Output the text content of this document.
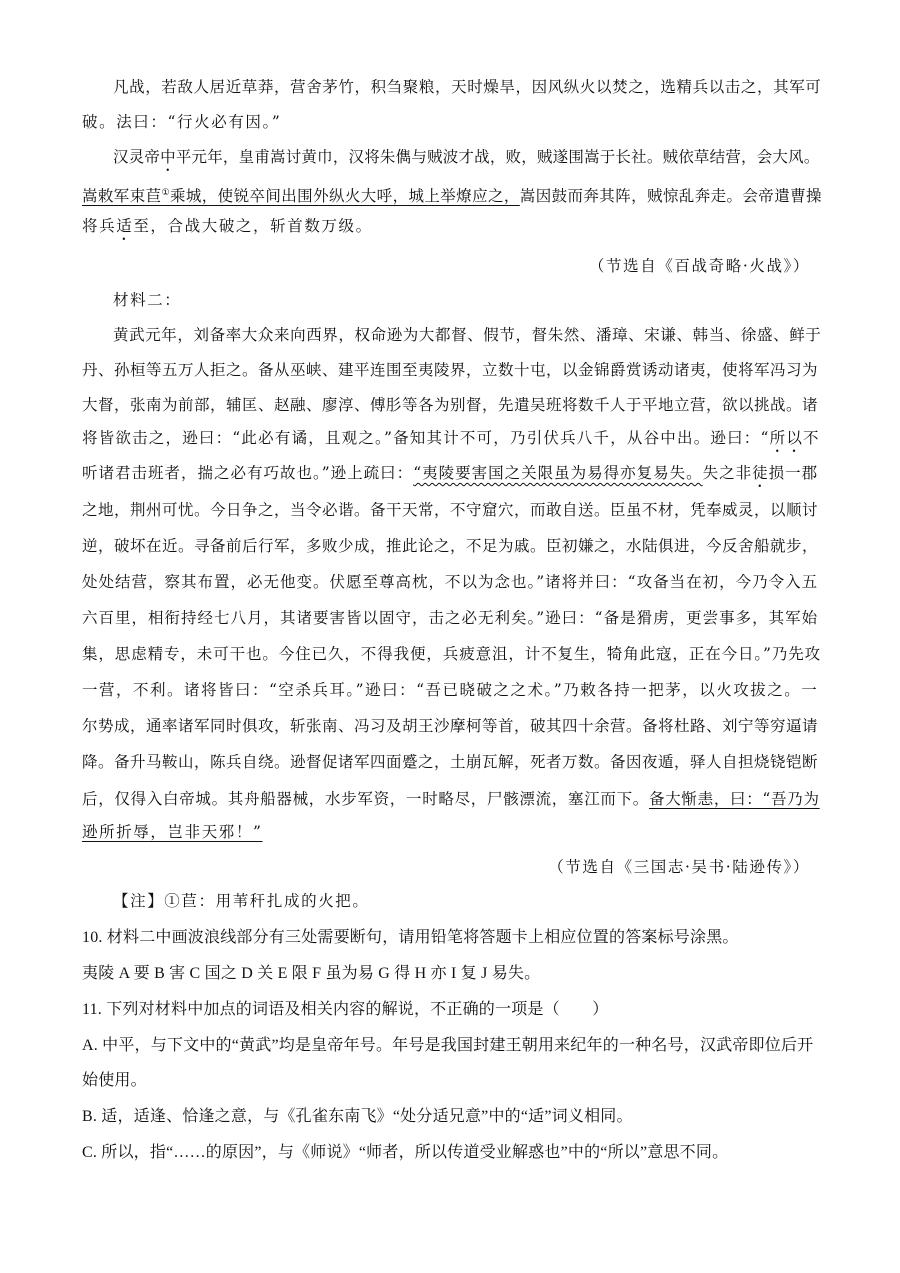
凡战，若敌人居近草莽，营舍茅竹，积刍聚粮，天时燥旱，因风纵火以焚之，选精兵以击之，其军可
破。法曰：“行火必有因。”
汉灵帝中平元年，皇甫嵩讨黄巾，汉将朱儁与贼波才战，败，贼遂围嵩于长社。贼依草结营，会大风。
嵩敕军束苣①乘城，使锐卒间出围外纵火大呼，城上举燎应之，嵩因鼓而奔其阵，贼惊乱奔走。会帝遣曹操
将兵适至，合战大破之，斩首数万级。
（节选自《百战奇略·火战》）
材料二：
黄武元年，刘备率大众来向西界，权命逊为大都督、假节，督朱然、潘璋、宋谦、韩当、徐盛、鲜于
丹、孙桓等五万人拒之。备从巫峡、建平连围至夷陵界，立数十屯，以金锦爵赏诱动诸夷，使将军冯习为
大督，张南为前部，辅匡、赵融、廖淳、傅肜等各为别督，先遣吴班将数千人于平地立营，欲以挑战。诸
将皆欲击之，逊曰：“此必有谲，且观之。”备知其计不可，乃引伏兵八千，从谷中出。逊曰：“所以不
听诸君击班者，揣之必有巧故也。”逊上疏曰：“夷陵要害国之关限虽为易得亦复易失。失之非徒损一郡
之地，荆州可忧。今日争之，当令必谐。备干天常，不守窟穴，而敢自送。臣虽不材，凭奉威灵，以顺讨
逆，破坏在近。寻备前后行军，多败少成，推此论之，不足为戚。臣初嫌之，水陆俱进，今反舍船就步，
处处结营，察其布置，必无他变。伏愿至尊高枕，不以为念也。”诸将并曰：“攻备当在初，今乃令入五
六百里，相衔持经七八月，其诸要害皆以固守，击之必无利矣。”逊曰：“备是猾虏，更尝事多，其军始
集，思虑精专，未可干也。今住已久，不得我便，兵疲意沮，计不复生，犄角此寇，正在今日。”乃先攻
一营，不利。诸将皆曰：“空杀兵耳。”逊曰：“吾已晓破之之术。”乃敕各持一把茅，以火攻拔之。一
尔势成，通率诸军同时俱攻，斩张南、冯习及胡王沙摩柯等首，破其四十余营。备将杜路、刘宁等穷逼请
降。备升马鞍山，陈兵自绕。逊督促诸军四面蹙之，土崩瓦解，死者万数。备因夜遁，驿人自担烧铙铠断
后，仅得入白帝城。其舟船器械，水步军资，一时略尽，尸骸漂流，塞江而下。备大惭恚，曰：“吾乃为
逊所折辱，岂非天邪！”
（节选自《三国志·吴书·陆逊传》）
【注】①苣：用苇秆扎成的火把。
10. 材料二中画波浪线部分有三处需要断句，请用铅笔将答题卡上相应位置的答案标号涂黑。
夷陵 A 要 B 害 C 国之 D 关 E 限 F 虽为易 G 得 H 亦 I 复 J 易失。
11. 下列对材料中加点的词语及相关内容的解说，不正确的一项是（　　）
A. 中平，与下文中的“黄武”均是皇帝年号。年号是我国封建王朝用来纪年的一种名号，汉武帝即位后开
始使用。
B. 适，适逢、恰逢之意，与《孔雀东南飞》“处分适兄意”中的“适”词义相同。
C. 所以，指“……的原因”，与《师说》“师者，所以传道受业解惑也”中的“所以”意思不同。
